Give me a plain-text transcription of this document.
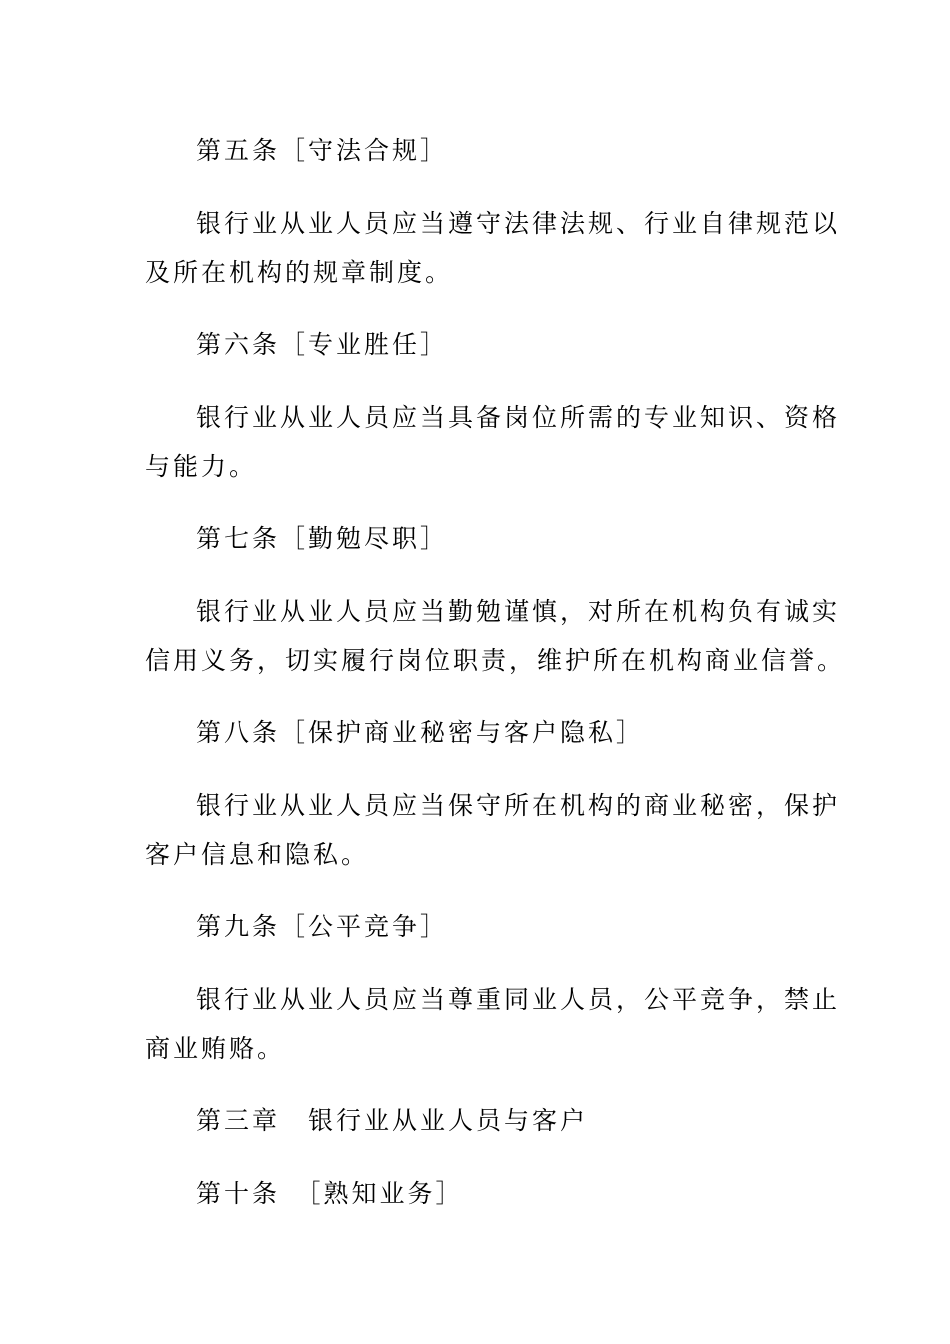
第五条［守法合规］

银行业从业人员应当遵守法律法规、行业自律规范以

及所在机构的规章制度。

第六条［专业胜任］

银行业从业人员应当具备岗位所需的专业知识、资格

与能力。

第七条［勤勉尽职］

银行业从业人员应当勤勉谨慎，对所在机构负有诚实

信用义务，切实履行岗位职责，维护所在机构商业信誉。

第八条［保护商业秘密与客户隐私］

银行业从业人员应当保守所在机构的商业秘密，保护

客户信息和隐私。

第九条［公平竞争］

银行业从业人员应当尊重同业人员，公平竞争，禁止

商业贿赂。

第三章　银行业从业人员与客户

第十条　［熟知业务］
